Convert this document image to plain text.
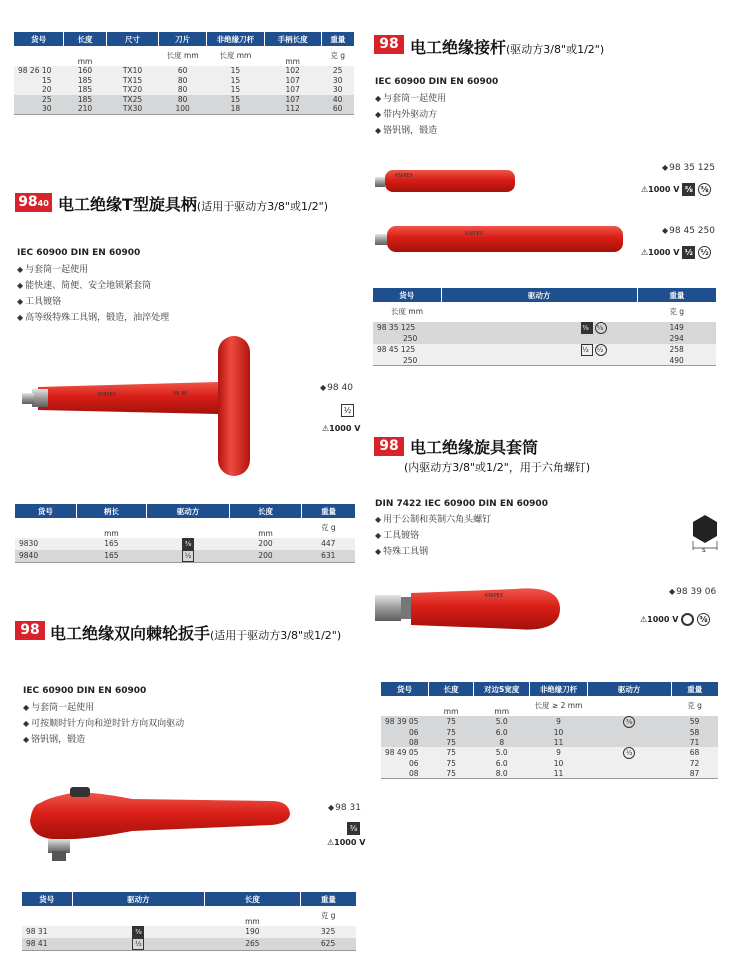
货号	长度	尺寸	刀片	非绝缘刀杆	手柄长度	重量
	mm		长度 mm	长度 mm	mm	克 g
98 26 10	160	TX10	60	15	102	25
15	185	TX15	80	15	107	30
20	185	TX20	80	15	107	30
25	185	TX25	80	15	107	40
30	210	TX30	100	18	112	60
9840 电工绝缘T型旋具柄(适用于驱动方3/8"或1/2")
IEC 60900 DIN EN 60900
◆ 与套筒一起使用
◆ 能快速、简便、安全地锁紧套筒
◆ 工具镀铬
◆ 高等级特殊工具钢，锻造，油淬处理
KNIPEX	98 40
◆ 98 40
½
⚠1000 V
货号	柄长	驱动方	长度	重量
	mm		mm	克 g
9830	165	⅜	200	447
9840	165	½	200	631
98 电工绝缘双向棘轮扳手(适用于驱动方3/8"或1/2")
IEC 60900 DIN EN 60900
◆ 与套筒一起使用
◆ 可按顺时针方向和逆时针方向双向驱动
◆ 铬钒钢，锻造
◆ 98 31
⅜
⚠1000 V
货号	驱动方	长度	重量
		mm	克 g
98 31	⅜	190	325
98 41	½	265	625
98 电工绝缘接杆(驱动方3/8"或1/2")
IEC 60900 DIN EN 60900
◆ 与套筒一起使用
◆ 带内外驱动方
◆ 铬钒钢，锻造
KNIPEX
◆ 98 35 125
⚠1000 V ⅜ ⅜
KNIPEX	◆ 98 45 250
⚠1000 V ½ ½
货号	驱动方	重量
长度 mm		克 g
98 35 125	⅜ ⅜	149
250		294
98 45 125	½ ½	258
250		490
98 电工绝缘旋具套筒
(内驱动方3/8"或1/2"，用于六角螺钉)
DIN 7422 IEC 60900 DIN EN 60900
◆ 用于公制和英制六角头螺钉
◆ 工具镀铬
◆ 特殊工具钢	s
KNIPEX	◆ 98 39 06
⚠1000 V	⅜
货号	长度	对边S宽度	非绝缘刀杆	驱动方	重量
	mm	mm	长度 ≥ 2 mm		克 g
98 39 05	75	5.0	9	⅜	59
06	75	6.0	10		58
08	75	8	11		71
98 49 05	75	5.0	9	½	68
06	75	6.0	10		72
08	75	8.0	11		87
